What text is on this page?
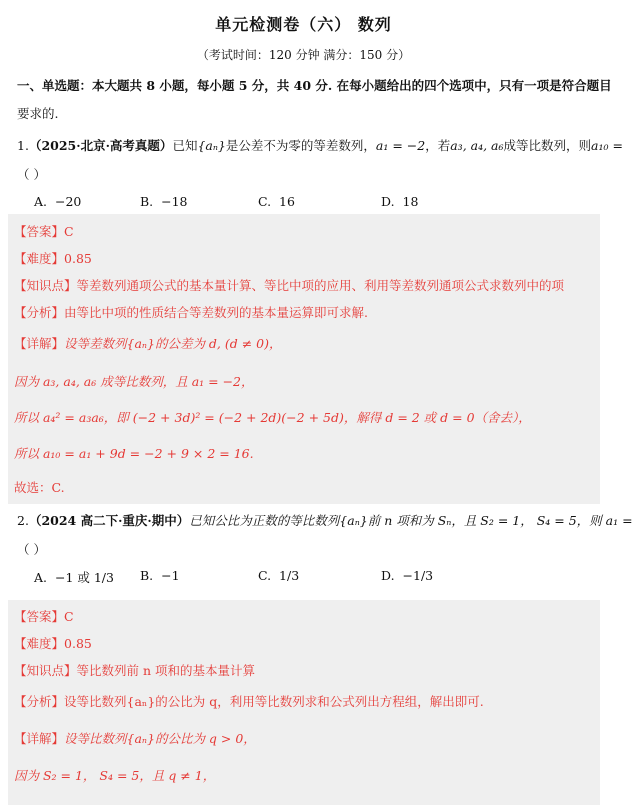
单元检测卷（六） 数列
（考试时间：120 分钟 满分：150 分）
一、单选题：本大题共 8 小题，每小题 5 分，共 40 分. 在每小题给出的四个选项中，只有一项是符合题目
要求的.
1.（2025·北京·高考真题）已知{aₙ}是公差不为零的等差数列，a₁ = −2，若a₃, a₄, a₆成等比数列，则a₁₀ =
（ ）
A. −20	B. −18	C. 16	D. 18
【答案】C
【难度】0.85
【知识点】等差数列通项公式的基本量计算、等比中项的应用、利用等差数列通项公式求数列中的项
【分析】由等比中项的性质结合等差数列的基本量运算即可求解.
【详解】设等差数列{aₙ}的公差为 d, (d ≠ 0)，
因为 a₃, a₄, a₆ 成等比数列，且 a₁ = −2，
所以 a₄² = a₃a₆，即 (−2 + 3d)² = (−2 + 2d)(−2 + 5d)，解得 d = 2 或 d = 0（舍去），
所以 a₁₀ = a₁ + 9d = −2 + 9 × 2 = 16.
故选：C.
2.（2024 高二下·重庆·期中）已知公比为正数的等比数列{aₙ}前 n 项和为 Sₙ，且 S₂ = 1， S₄ = 5，则 a₁ =
（ ）
A. −1 或 1/3 B. −1	C. 1/3	D. −1/3
【答案】C
【难度】0.85
【知识点】等比数列前 n 项和的基本量计算
【分析】设等比数列{aₙ}的公比为 q，利用等比数列求和公式列出方程组，解出即可.
【详解】设等比数列{aₙ}的公比为 q > 0，
因为 S₂ = 1， S₄ = 5，且 q ≠ 1，
